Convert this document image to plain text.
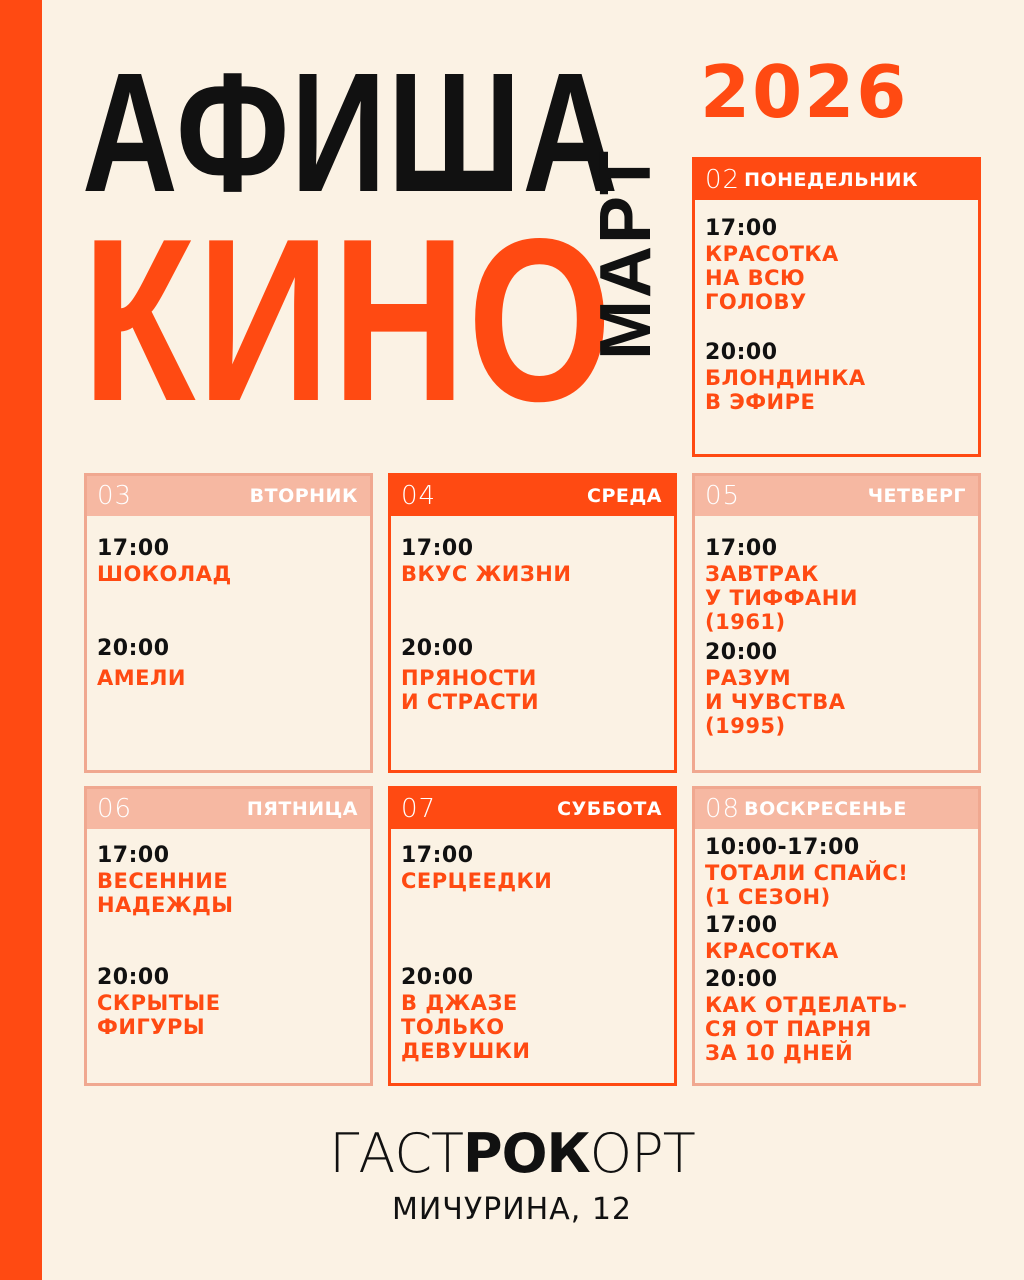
АФИША
КИНО
МАРТ
2026
02 ПОНЕДЕЛЬНИК
17:00
КРАСОТКА
НА ВСЮ
ГОЛОВУ
20:00
БЛОНДИНКА
В ЭФИРЕ
03	ВТОРНИК
17:00
ШОКОЛАД
20:00
АМЕЛИ
04	СРЕДА
17:00
ВКУС ЖИЗНИ
20:00
ПРЯНОСТИ
И СТРАСТИ
05	ЧЕТВЕРГ
17:00
ЗАВТРАК
У ТИФФАНИ
(1961)
20:00
РАЗУМ
И ЧУВСТВА
(1995)
06	ПЯТНИЦА
17:00
ВЕСЕННИЕ
НАДЕЖДЫ
20:00
СКРЫТЫЕ
ФИГУРЫ
07	СУББОТА
17:00
СЕРЦЕЕДКИ
20:00
В ДЖАЗЕ
ТОЛЬКО
ДЕВУШКИ
08 ВОСКРЕСЕНЬЕ
10:00-17:00
ТОТАЛИ СПАЙС!
(1 СЕЗОН)
17:00
КРАСОТКА
20:00
КАК ОТДЕЛАТЬ-
СЯ ОТ ПАРНЯ
ЗА 10 ДНЕЙ
ГАСТРОКОРТ
МИЧУРИНА, 12
